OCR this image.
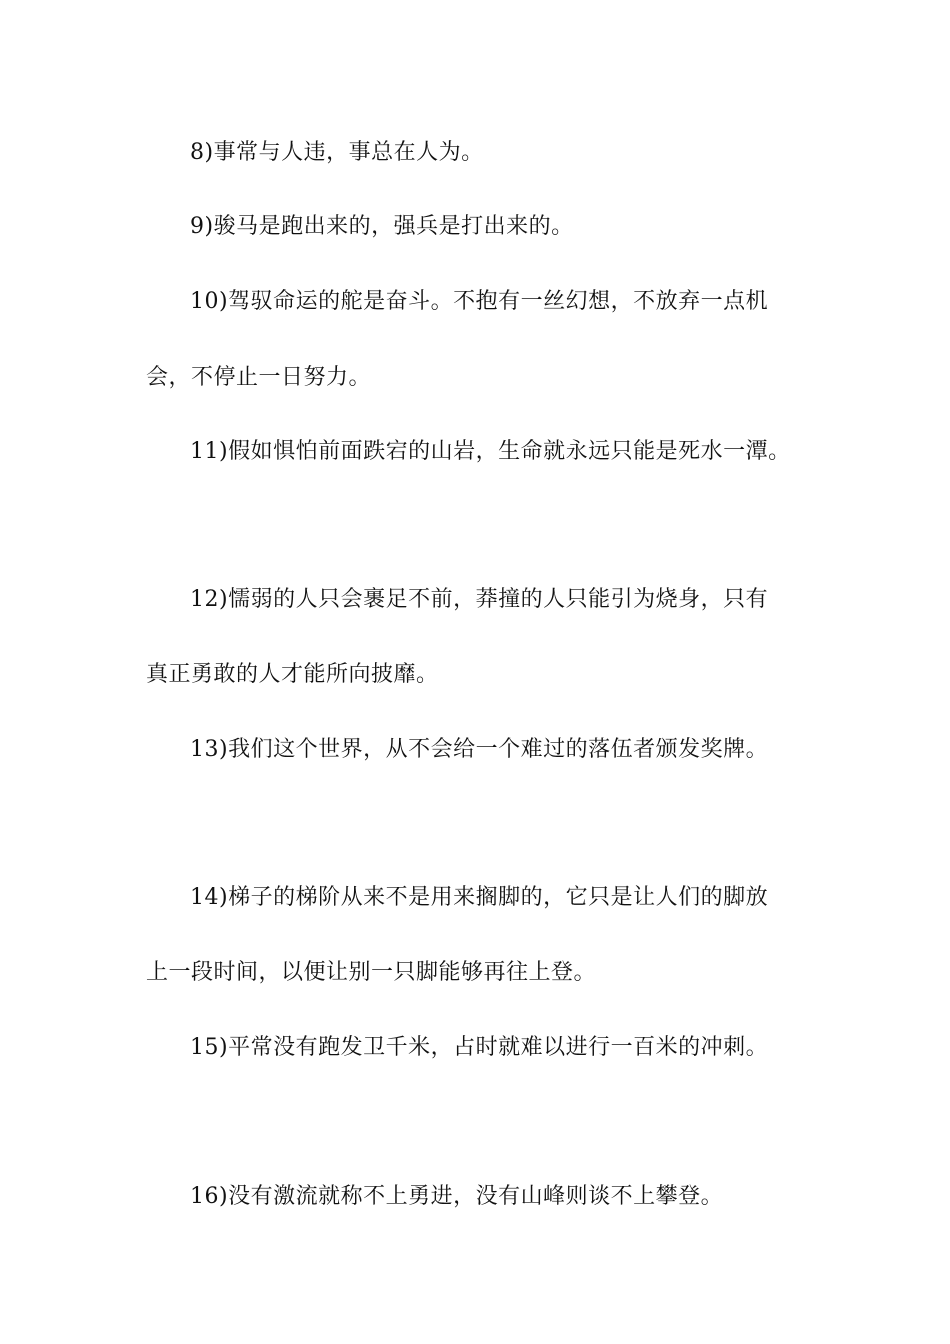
8)事常与人违，事总在人为。
9)骏马是跑出来的，强兵是打出来的。
10)驾驭命运的舵是奋斗。不抱有一丝幻想，不放弃一点机
会，不停止一日努力。
11)假如惧怕前面跌宕的山岩，生命就永远只能是死水一潭。
12)懦弱的人只会裹足不前，莽撞的人只能引为烧身，只有
真正勇敢的人才能所向披靡。
13)我们这个世界，从不会给一个难过的落伍者颁发奖牌。
14)梯子的梯阶从来不是用来搁脚的，它只是让人们的脚放
上一段时间，以便让别一只脚能够再往上登。
15)平常没有跑发卫千米，占时就难以进行一百米的冲刺。
16)没有激流就称不上勇进，没有山峰则谈不上攀登。
